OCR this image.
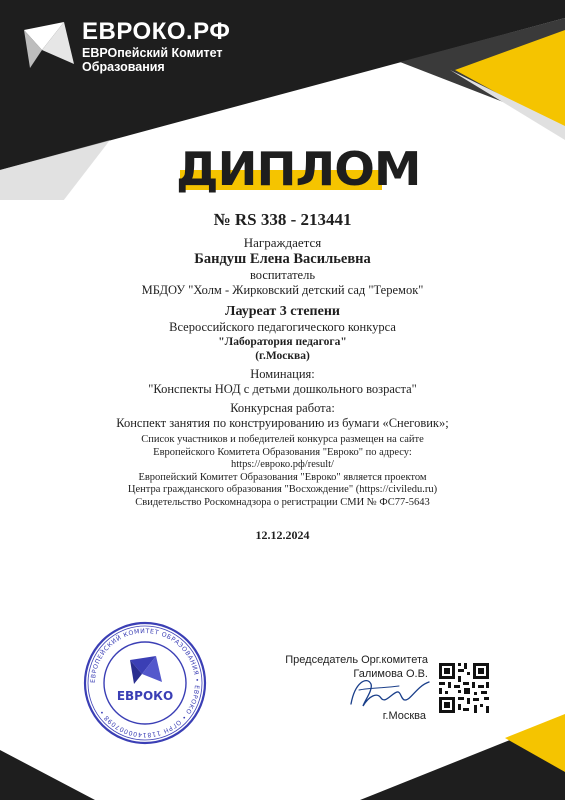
ЕВРОКО.РФ
ЕВРОпейский Комитет
Образования
ДИПЛОМ
№ RS 338 - 213441
Награждается
Бандуш Елена Васильевна
воспитатель
МБДОУ "Холм - Жирковский детский сад "Теремок"
Лауреат 3 степени
Всероссийского педагогического конкурса
"Лаборатория педагога"
(г.Москва)
Номинация:
"Конспекты НОД с детьми дошкольного возраста"
Конкурсная работа:
Конспект занятия по конструированию из бумаги «Снеговик»;
Список участников и победителей конкурса размещен на сайте
Европейского Комитета Образования "Евроко" по адресу:
https://евроко.рф/result/
Европейский Комитет Образования "Евроко" является проектом
Центра гражданского образования "Восхождение" (https://civiledu.ru)
Свидетельство Роскомнадзора о регистрации СМИ № ФС77-5643
12.12.2024
ЕВРОПЕЙСКИЙ КОМИТЕТ ОБРАЗОВАНИЯ • ЕВРОКО • ОГРН 1181400007098 •
ЕВРОКО
Председатель Орг.комитета
Галимова О.В.
г.Москва
